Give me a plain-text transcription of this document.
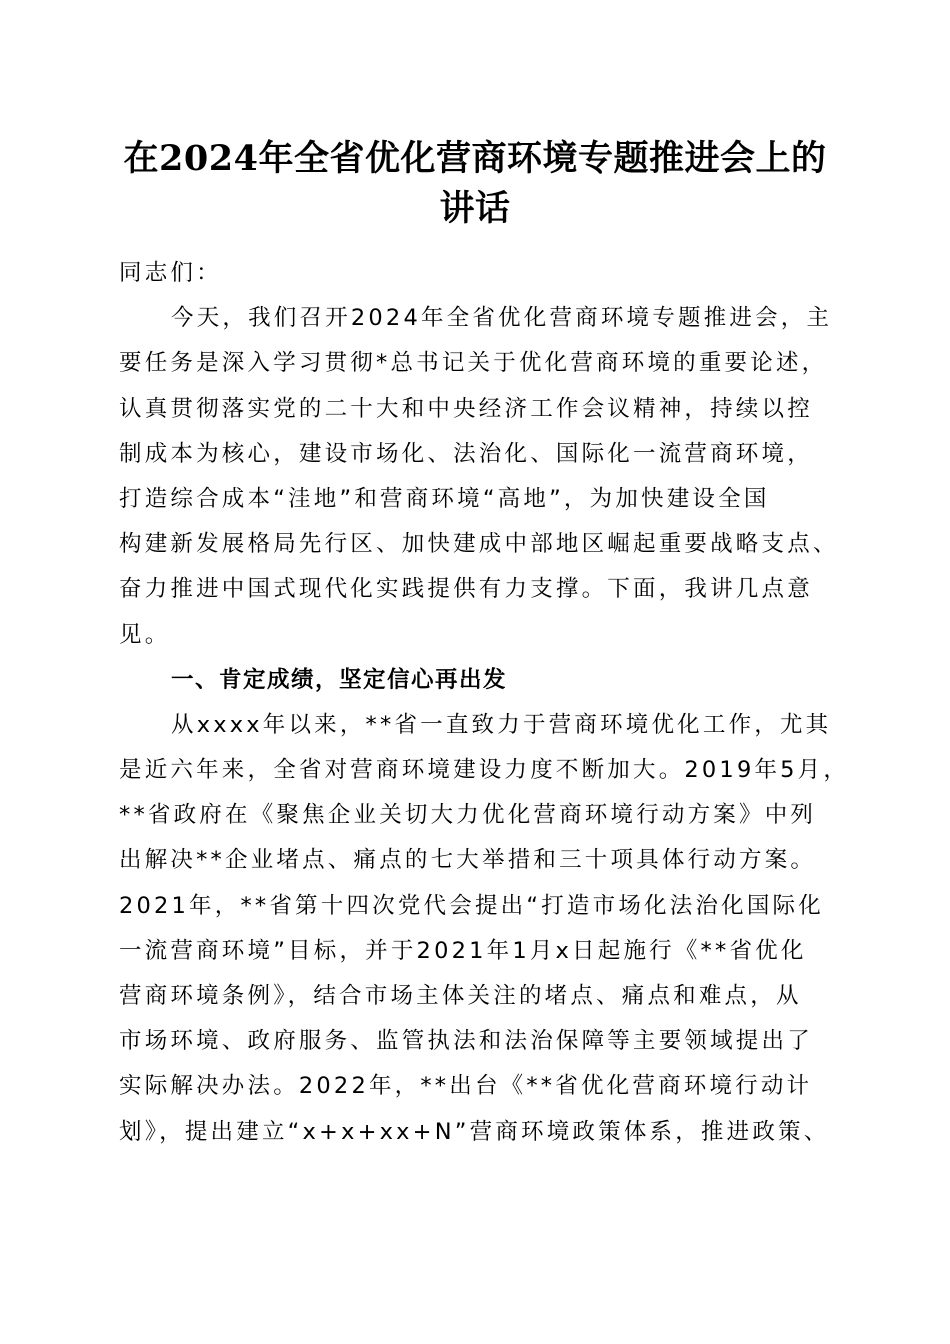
在2024年全省优化营商环境专题推进会上的
讲话
同志们：
今天，我们召开2024年全省优化营商环境专题推进会，主
要任务是深入学习贯彻*总书记关于优化营商环境的重要论述，
认真贯彻落实党的二十大和中央经济工作会议精神，持续以控
制成本为核心，建设市场化、法治化、国际化一流营商环境，
打造综合成本“洼地”和营商环境“高地”，为加快建设全国
构建新发展格局先行区、加快建成中部地区崛起重要战略支点、
奋力推进中国式现代化实践提供有力支撑。下面，我讲几点意
见。
一、肯定成绩，坚定信心再出发
从xxxx年以来，**省一直致力于营商环境优化工作，尤其
是近六年来，全省对营商环境建设力度不断加大。2019年5月，
**省政府在《聚焦企业关切大力优化营商环境行动方案》中列
出解决**企业堵点、痛点的七大举措和三十项具体行动方案。
2021年，**省第十四次党代会提出“打造市场化法治化国际化
一流营商环境”目标，并于2021年1月x日起施行《**省优化
营商环境条例》，结合市场主体关注的堵点、痛点和难点，从
市场环境、政府服务、监管执法和法治保障等主要领域提出了
实际解决办法。2022年，**出台《**省优化营商环境行动计
划》，提出建立“x+x+xx+N”营商环境政策体系，推进政策、
